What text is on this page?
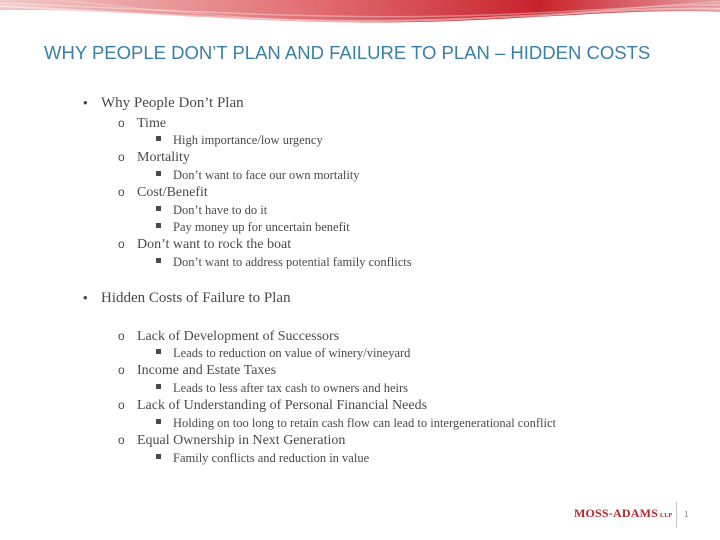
WHY PEOPLE DON’T PLAN AND FAILURE TO PLAN – HIDDEN COSTS
• Why People Don’t Plan
o Time
High importance/low urgency
o Mortality
Don’t want to face our own mortality
o Cost/Benefit
Don’t have to do it
Pay money up for uncertain benefit
o Don’t want to rock the boat
Don’t want to address potential family conflicts
• Hidden Costs of Failure to Plan
o Lack of Development of Successors
Leads to reduction on value of winery/vineyard
o Income and Estate Taxes
Leads to less after tax cash to owners and heirs
o Lack of Understanding of Personal Financial Needs
Holding on too long to retain cash flow can lead to intergenerational conflict
o Equal Ownership in Next Generation
Family conflicts and reduction in value
MOSS-ADAMS LLP 1
